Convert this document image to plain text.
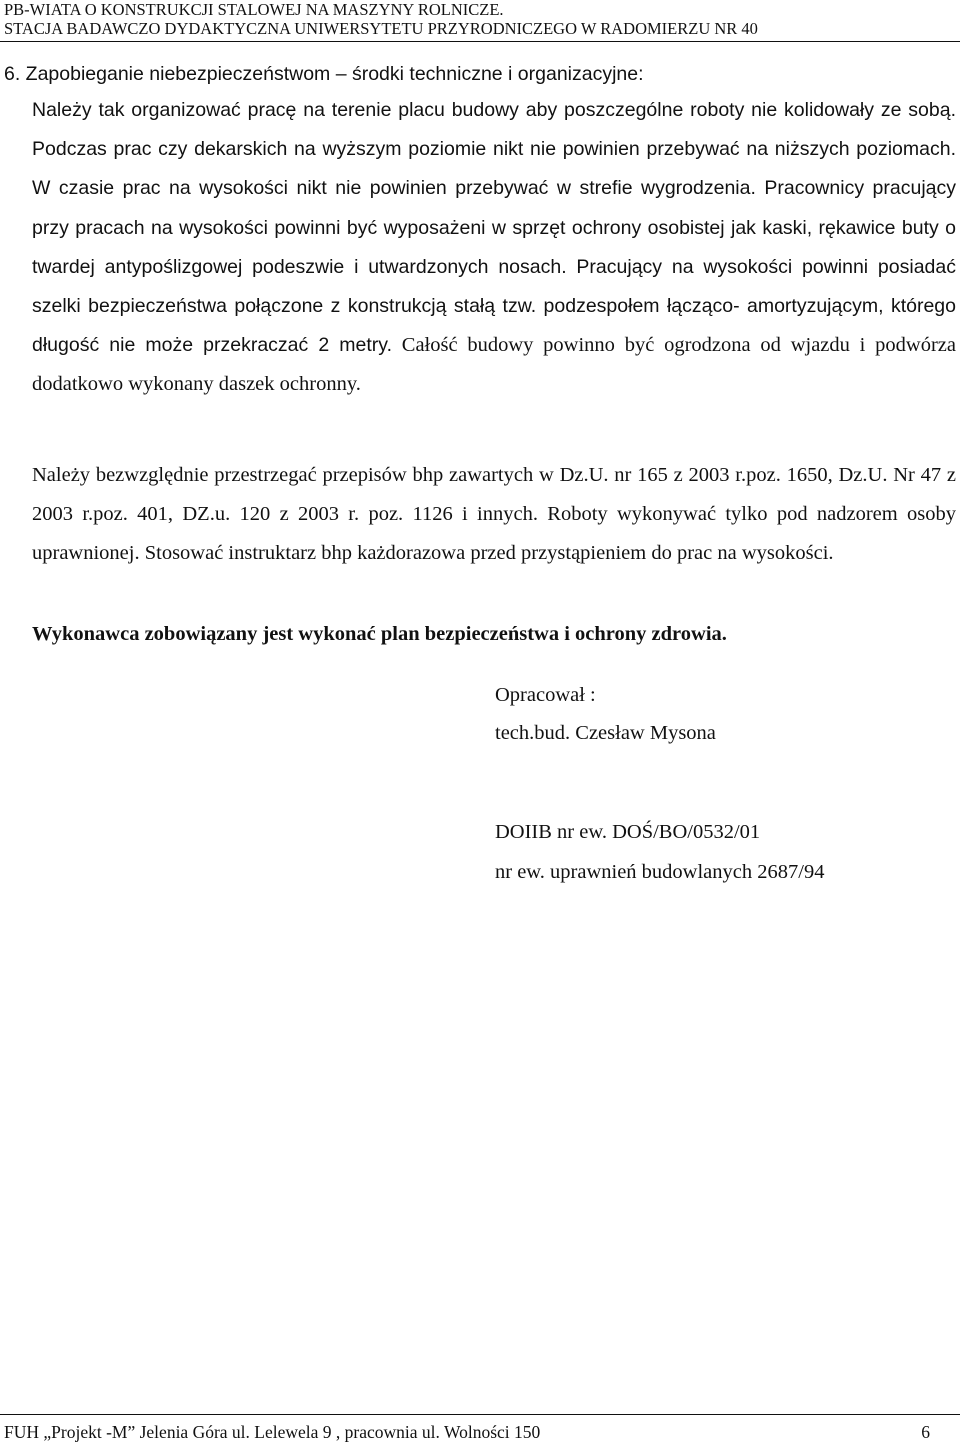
PB-WIATA O KONSTRUKCJI STALOWEJ NA MASZYNY ROLNICZE.
STACJA BADAWCZO DYDAKTYCZNA UNIWERSYTETU PRZYRODNICZEGO W RADOMIERZU NR 40
6. Zapobieganie niebezpieczeństwom – środki techniczne i organizacyjne:
Należy tak organizować pracę na terenie placu budowy aby poszczególne roboty nie kolidowały ze sobą. Podczas prac czy dekarskich na wyższym poziomie nikt nie powinien przebywać na niższych poziomach. W czasie prac na wysokości nikt nie powinien przebywać w strefie wygrodzenia. Pracownicy pracujący przy pracach na wysokości powinni być wyposażeni w sprzęt ochrony osobistej jak kaski, rękawice buty o twardej antypoślizgowej podeszwie i utwardzonych nosach. Pracujący na wysokości powinni posiadać szelki bezpieczeństwa połączone z konstrukcją stałą tzw. podzespołem łącząco- amortyzującym, którego długość nie może przekraczać 2 metry. Całość budowy powinno być ogrodzona od wjazdu i podwórza dodatkowo wykonany daszek ochronny.
Należy bezwzględnie przestrzegać przepisów bhp zawartych w Dz.U. nr 165 z 2003 r.poz. 1650, Dz.U. Nr 47 z 2003 r.poz. 401, DZ.u. 120 z 2003 r. poz. 1126 i innych. Roboty wykonywać tylko pod nadzorem osoby uprawnionej. Stosować instruktarz bhp każdorazowa przed przystąpieniem do prac na wysokości.
Wykonawca zobowiązany jest wykonać plan bezpieczeństwa i ochrony zdrowia.
Opracował :
tech.bud. Czesław Mysona
DOIIB nr ew. DOŚ/BO/0532/01
nr ew. uprawnień budowlanych 2687/94
FUH „Projekt -M” Jelenia Góra ul. Lelewela 9 , pracownia ul. Wolności 150	6
